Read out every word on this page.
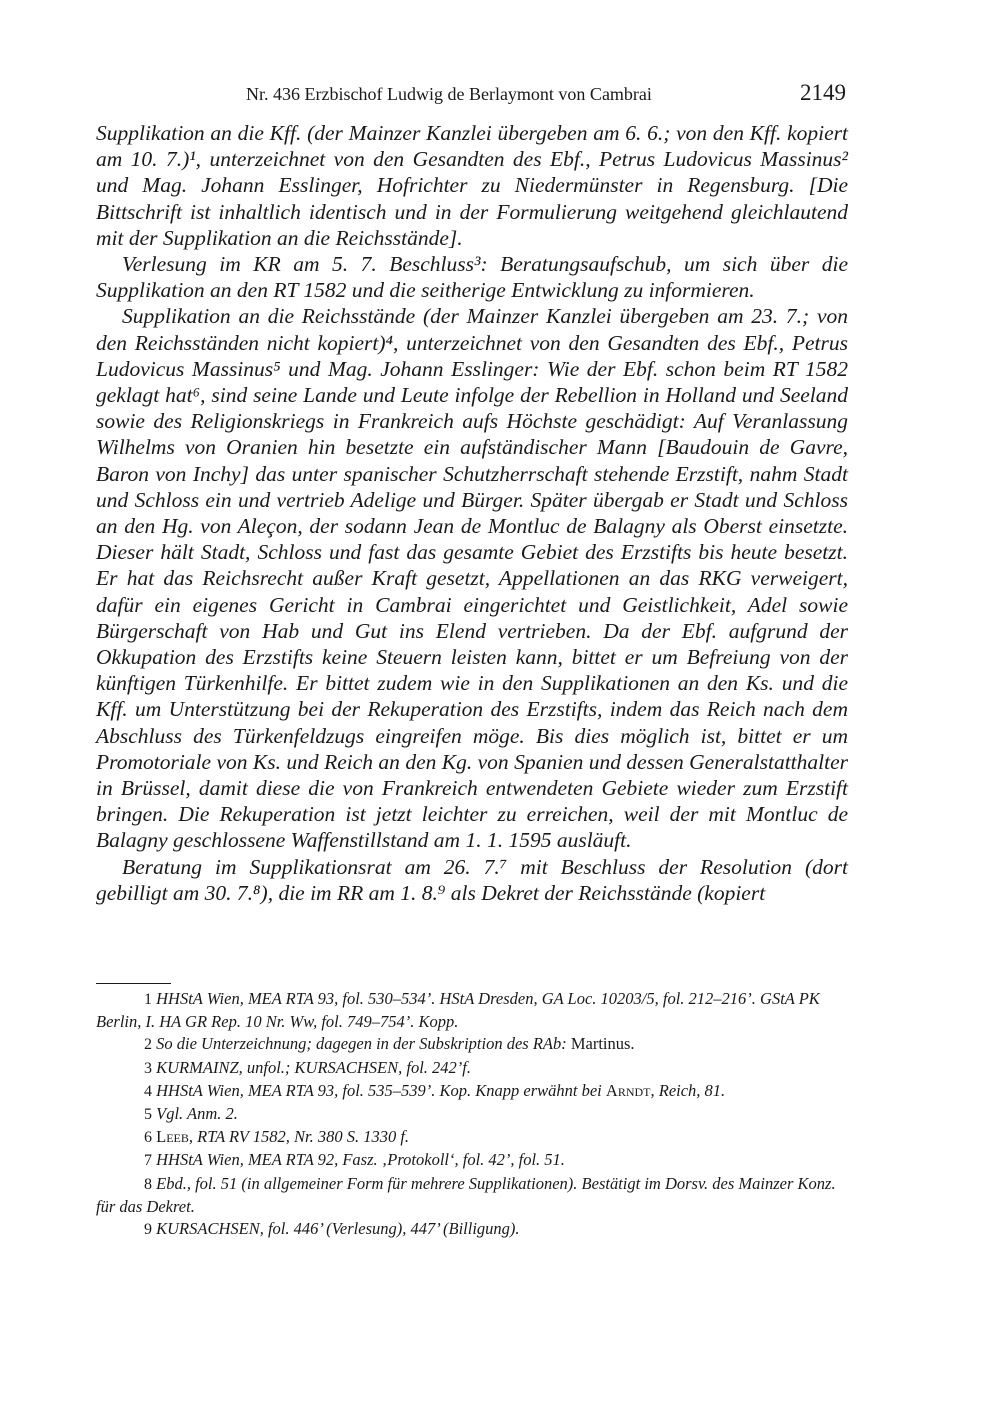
Nr. 436 Erzbischof Ludwig de Berlaymont von Cambrai	2149

Supplikation an die Kff. (der Mainzer Kanzlei übergeben am 6. 6.; von den Kff. kopiert am 10. 7.)¹, unterzeichnet von den Gesandten des Ebf., Petrus Ludovicus Massinus² und Mag. Johann Esslinger, Hofrichter zu Niedermünster in Regensburg. [Die Bittschrift ist inhaltlich identisch und in der Formulierung weitgehend gleichlautend mit der Supplikation an die Reichsstände].

Verlesung im KR am 5. 7. Beschluss³: Beratungsaufschub, um sich über die Supplikation an den RT 1582 und die seitherige Entwicklung zu informieren.

Supplikation an die Reichsstände (der Mainzer Kanzlei übergeben am 23. 7.; von den Reichsständen nicht kopiert)⁴, unterzeichnet von den Gesandten des Ebf., Petrus Ludovicus Massinus⁵ und Mag. Johann Esslinger: Wie der Ebf. schon beim RT 1582 geklagt hat⁶, sind seine Lande und Leute infolge der Rebellion in Holland und Seeland sowie des Religionskriegs in Frankreich aufs Höchste geschädigt: Auf Veranlassung Wilhelms von Oranien hin besetzte ein aufständischer Mann [Baudouin de Gavre, Baron von Inchy] das unter spanischer Schutzherrschaft stehende Erzstift, nahm Stadt und Schloss ein und vertrieb Adelige und Bürger. Später übergab er Stadt und Schloss an den Hg. von Aleçon, der sodann Jean de Montluc de Balagny als Oberst einsetzte. Dieser hält Stadt, Schloss und fast das gesamte Gebiet des Erzstifts bis heute besetzt. Er hat das Reichsrecht außer Kraft gesetzt, Appellationen an das RKG verweigert, dafür ein eigenes Gericht in Cambrai eingerichtet und Geistlichkeit, Adel sowie Bürgerschaft von Hab und Gut ins Elend vertrieben. Da der Ebf. aufgrund der Okkupation des Erzstifts keine Steuern leisten kann, bittet er um Befreiung von der künftigen Türkenhilfe. Er bittet zudem wie in den Supplikationen an den Ks. und die Kff. um Unterstützung bei der Rekuperation des Erzstifts, indem das Reich nach dem Abschluss des Türkenfeldzugs eingreifen möge. Bis dies möglich ist, bittet er um Promotoriale von Ks. und Reich an den Kg. von Spanien und dessen Generalstatthalter in Brüssel, damit diese die von Frankreich entwendeten Gebiete wieder zum Erzstift bringen. Die Rekuperation ist jetzt leichter zu erreichen, weil der mit Montluc de Balagny geschlossene Waffenstillstand am 1. 1. 1595 ausläuft.

Beratung im Supplikationsrat am 26. 7.⁷ mit Beschluss der Resolution (dort gebilligt am 30. 7.⁸), die im RR am 1. 8.⁹ als Dekret der Reichsstände (kopiert

1 HHStA Wien, MEA RTA 93, fol. 530–534’. HStA Dresden, GA Loc. 10203/5, fol. 212–216’. GStA PK Berlin, I. HA GR Rep. 10 Nr. Ww, fol. 749–754’. Kopp.

2 So die Unterzeichnung; dagegen in der Subskription des RAb: Martinus.

3 KURMAINZ, unfol.; KURSACHSEN, fol. 242’f.

4 HHStA Wien, MEA RTA 93, fol. 535–539’. Kop. Knapp erwähnt bei Arndt, Reich, 81.

5 Vgl. Anm. 2.

6 Leeb, RTA RV 1582, Nr. 380 S. 1330 f.

7 HHStA Wien, MEA RTA 92, Fasz. ‚Protokoll‘, fol. 42’, fol. 51.

8 Ebd., fol. 51 (in allgemeiner Form für mehrere Supplikationen). Bestätigt im Dorsv. des Mainzer Konz. für das Dekret.

9 KURSACHSEN, fol. 446’ (Verlesung), 447’ (Billigung).
